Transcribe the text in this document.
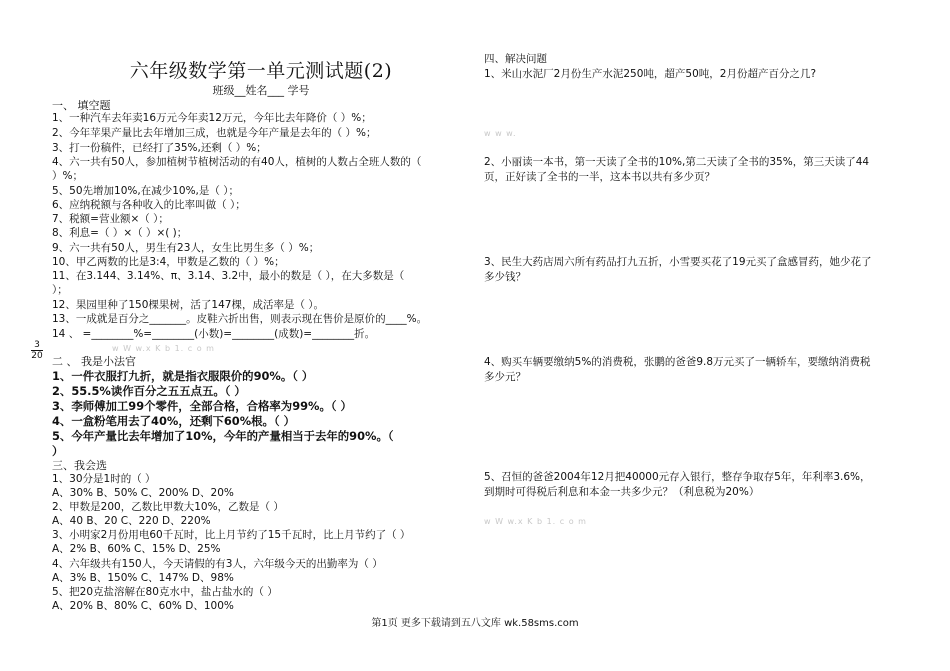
六年级数学第一单元测试题(2)
班级__姓名___ 学号
一、 填空题
1、一种汽车去年卖16万元今年卖12万元，今年比去年降价（ ）%；
2、今年苹果产量比去年增加三成，也就是今年产量是去年的（ ）%；
3、打一份稿件，已经打了35%,还剩（ ）%；
4、六一共有50人，参加植树节植树活动的有40人，植树的人数占全班人数的（
）%；
5、50先增加10%,在减少10%,是（ ）；
6、应纳税额与各种收入的比率叫做（ ）；
7、税额=营业额×（ ）；
8、利息=（ ）×（ ）×( )；
9、六一共有50人，男生有23人，女生比男生多（ ）%；
10、甲乙两数的比是3:4，甲数是乙数的（ ）%；
11、在3.144、3.14%、π、3.14、3.2中，最小的数是（ ），在大多数是（
）；
12、果园里种了150棵果树，活了147棵，成活率是（ ）。
13、一成就是百分之_______。皮鞋六折出售，则表示现在售价是原价的____%。
14 、 =________%=________(小数)=________(成数)=________折。
二 、 我是小法官
1、一件衣服打九折，就是指衣服限价的90%。（ ）
2、55.5%读作百分之五五点五。（ ）
3、李师傅加工99个零件，全部合格，合格率为99%。（ ）
4、一盒粉笔用去了40%，还剩下60%根。（ ）
5、今年产量比去年增加了10%，今年的产量相当于去年的90%。（
）
三、我会选
1、30分是1时的（ ）
A、30% B、50% C、200% D、20%
2、甲数是200，乙数比甲数大10%，乙数是（ ）
A、40 B、20 C、220 D、220%
3、小明家2月份用电60千瓦时，比上月节约了15千瓦时，比上月节约了（ ）
A、2% B、60% C、15% D、25%
4、六年级共有150人，今天请假的有3人，六年级今天的出勤率为（ ）
A、3% B、150% C、147% D、98%
5、把20克盐溶解在80克水中，盐占盐水的（ ）
A、20% B、80% C、60% D、100%
w W w.x K b 1. c o m
3
20
四、解决问题
1、米山水泥厂2月份生产水泥250吨，超产50吨，2月份超产百分之几?
w w w.
2、小丽读一本书，第一天读了全书的10%,第二天读了全书的35%，第三天读了44
页，正好读了全书的一半，这本书以共有多少页？
3、民生大药店周六所有药品打九五折，小雪要买花了19元买了盒感冒药，她少花了
多少钱？
4、购买车辆要缴纳5%的消费税，张鹏的爸爸9.8万元买了一辆轿车，要缴纳消费税
多少元？
5、召恒的爸爸2004年12月把40000元存入银行，整存争取存5年，年利率3.6%，
到期时可得税后利息和本金一共多少元？（利息税为20%）
w W w.x K b 1. c o m
第1页 更多下载请到五八文库 wk.58sms.com
